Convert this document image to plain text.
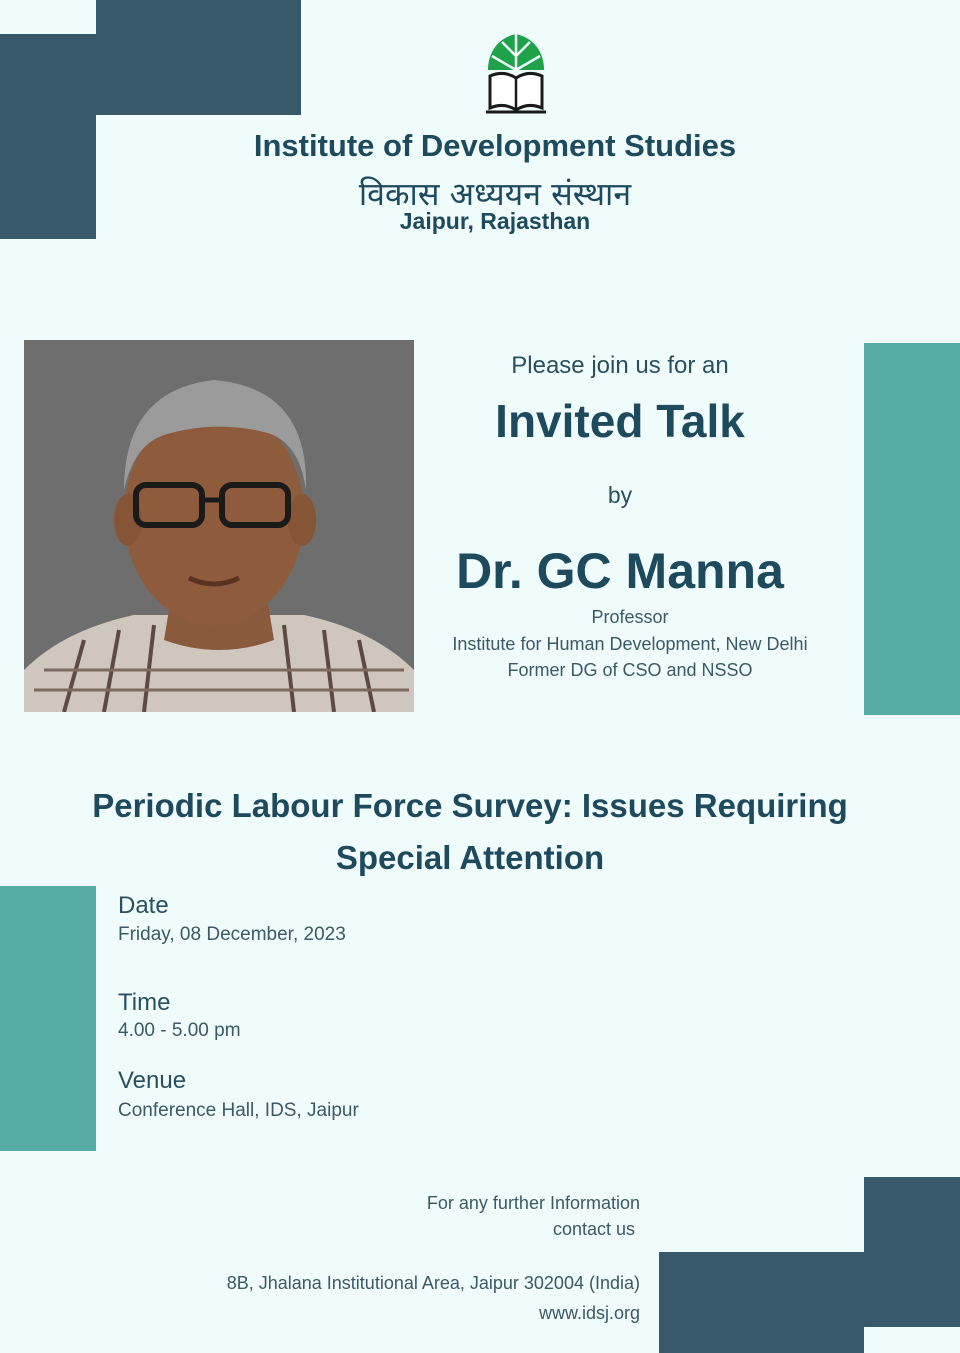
Institute of Development Studies
विकास अध्ययन संस्थान
Jaipur, Rajasthan
Please join us for an
Invited Talk
by
Dr. GC Manna
Professor
Institute for Human Development, New Delhi
Former DG of CSO and NSSO
Periodic Labour Force Survey: Issues Requiring Special Attention
Date
Friday, 08 December, 2023
Time
4.00 - 5.00 pm
Venue
Conference Hall, IDS, Jaipur
For any further Information
contact us
8B, Jhalana Institutional Area, Jaipur 302004 (India)
www.idsj.org
